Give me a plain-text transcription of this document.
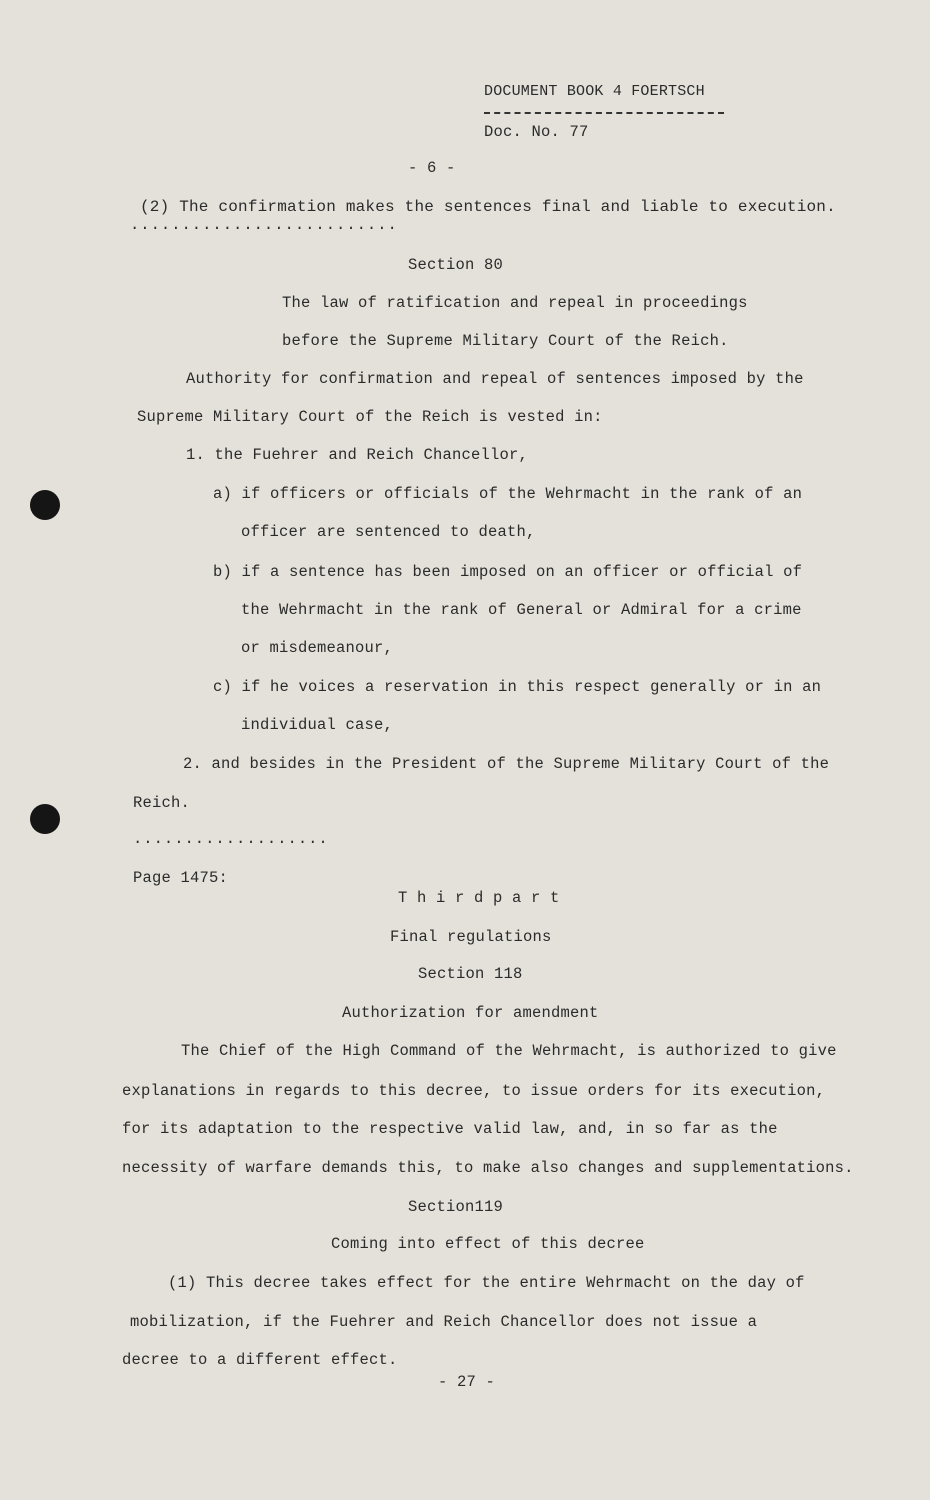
DOCUMENT BOOK 4 FOERTSCH
Doc. No. 77
- 6 -
(2) The confirmation makes the sentences final and liable to execution.
..........................
Section 80
The law of ratification and repeal in proceedings
before the Supreme Military Court of the Reich.
Authority for confirmation and repeal of sentences imposed by the
Supreme Military Court of the Reich is vested in:
1. the Fuehrer and Reich Chancellor,
a) if officers or officials of the Wehrmacht in the rank of an
officer are sentenced to death,
b) if a sentence has been imposed on an officer or official of
the Wehrmacht in the rank of General or Admiral for a crime
or misdemeanour,
c) if he voices a reservation in this respect generally or in an
individual case,
2. and besides in the President of the Supreme Military Court of the
Reich.
...................
Page 1475:
T h i r d p a r t
Final regulations
Section 118
Authorization for amendment
The Chief of the High Command of the Wehrmacht, is authorized to give
explanations in regards to this decree, to issue orders for its execution,
for its adaptation to the respective valid law, and, in so far as the
necessity of warfare demands this, to make also changes and supplementations.
Section119
Coming into effect of this decree
(1) This decree takes effect for the entire Wehrmacht on the day of
mobilization, if the Fuehrer and Reich Chancellor does not issue a
decree to a different effect.
- 27 -
